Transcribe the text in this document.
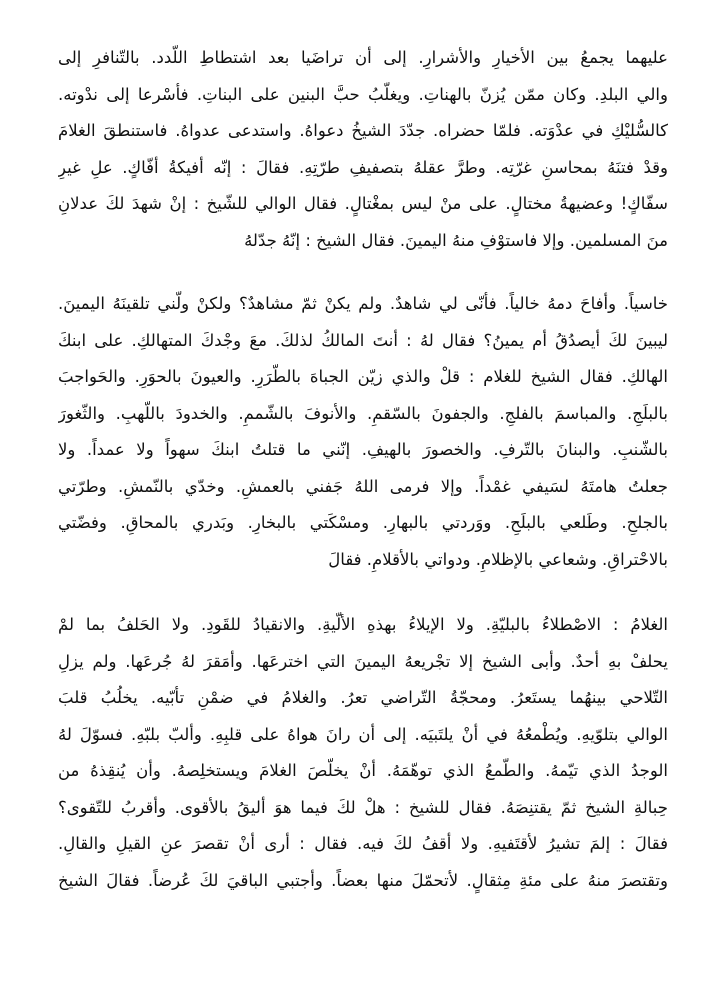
عليهما يجمعُ بين الأخيارِ والأشرارِ. إلى أن تراضَيا بعد اشتطاطِ اللّدد. بالتّنافرِ إلى
والي البلدِ. وكان ممّن يُزنّ بالهناتِ. ويغلّبُ حبَّ البنين على البناتِ. فأسْرعا إلى ندْوته.
كالسُّليْكِ في عدْوَته. فلمّا حضراه. جدّدَ الشيخُ دعواهُ. واستدعى عدواهُ. فاستنطقَ الغلامَ
وقدْ فتنَهُ بمحاسنِ غرّتِه. وطرَّ عقلهُ بتصفيفِ طرّتِهِ. فقالَ : إنّه أفيكةُ أفّاكٍ. علِ غيرِ
سفّاكٍ! وعضيهةُ مختالٍ. على منْ ليس بمغْتالٍ. فقال الوالي للشّيخ : إنْ شهدَ لكَ عدلانِ
منَ المسلمين. وإلا فاستوْفِ منهُ اليمينَ. فقال الشيخ : إنّهُ جدّلهُ
خاسياً. وأفاحَ دمهُ خالياً. فأنّى لي شاهدٌ. ولم يكنْ ثمّ مشاهدٌ؟ ولكنْ ولّني تلقينَهُ اليمينَ.
ليبينَ لكَ أيصدُقُ أم يمينُ؟ فقال لهُ : أنتَ المالكُ لذلكَ. معَ وجْدكَ المتهالكِ. على ابنكَ
الهالكِ. فقال الشيخ للغلام : قلْ والذي زيّن الجباهَ بالطّرَرِ. والعيونَ بالحوَرِ. والحَواجبَ
بالبلَجِ. والمباسمَ بالفلجِ. والجفونَ بالسّقمِ. والأنوفَ بالشّممِ. والخدودَ باللّهبِ. والثّغورَ
بالشّنبِ. والبنانَ بالتّرفِ. والخصورَ بالهيفِ. إنّني ما قتلتُ ابنكَ سهواً ولا عمداً. ولا
جعلتُ هامتَهُ لسَيفي غمْداً. وإلا فرمى اللهُ جَفني بالعمشِ. وخدّي بالنّمشِ. وطرّتي
بالجلحِ. وطَلعي بالبلَحِ. ووَردتي بالبهارِ. ومسْكَتي بالبخارِ. وبَدري بالمحاقِ. وفضّتي
بالاحْتراقِ. وشعاعي بالإظلامِ. ودواتي بالأقلامِ. فقالَ
الغلامُ : الاصْطلاءُ بالبليّةِ. ولا الإيلاءُ بهذهِ الألّيةِ. والانقيادُ للقَودِ. ولا الحَلفُ بما لمْ
يحلفْ بهِ أحدٌ. وأبى الشيخ إلا تجْريعهُ اليمينَ التي اخترعَها. وأمَقرَ لهُ جُرعَها. ولم يزلِ
التّلاحي بينهُما يستَعرُ. ومحجّةُ التّراضي تعرُ. والغلامُ في ضمْنِ تأبّيه. يخلُبُ قلبَ
الوالي بتلوّيهِ. ويُطْمعُهُ في أنْ يلتَبيَه. إلى أن رانَ هواهُ على قلبِهِ. وألبّ بلبّهِ. فسوّلَ لهُ
الوجدُ الذي تيّمهُ. والطّمعُ الذي توهّمَهُ. أنْ يخلّصَ الغلامَ ويستخلِصهُ. وأن يُنقِذهُ من
حِبالةِ الشيخ ثمّ يقتنِصَهُ. فقال للشيخ : هلْ لكَ فيما هوَ أليقُ بالأقوى. وأقربُ للتّقوى؟
فقالَ : إلمَ تشيرُ لأقتَفيهِ. ولا أقفُ لكَ فيه. فقال : أرى أنْ تقصرَ عنِ القيلِ والقالِ.
وتقتصرَ منهُ على مئةِ مِثقالٍ. لأتحمّلَ منها بعضاً. وأجتبي الباقيَ لكَ عُرضاً. فقالَ الشيخ
